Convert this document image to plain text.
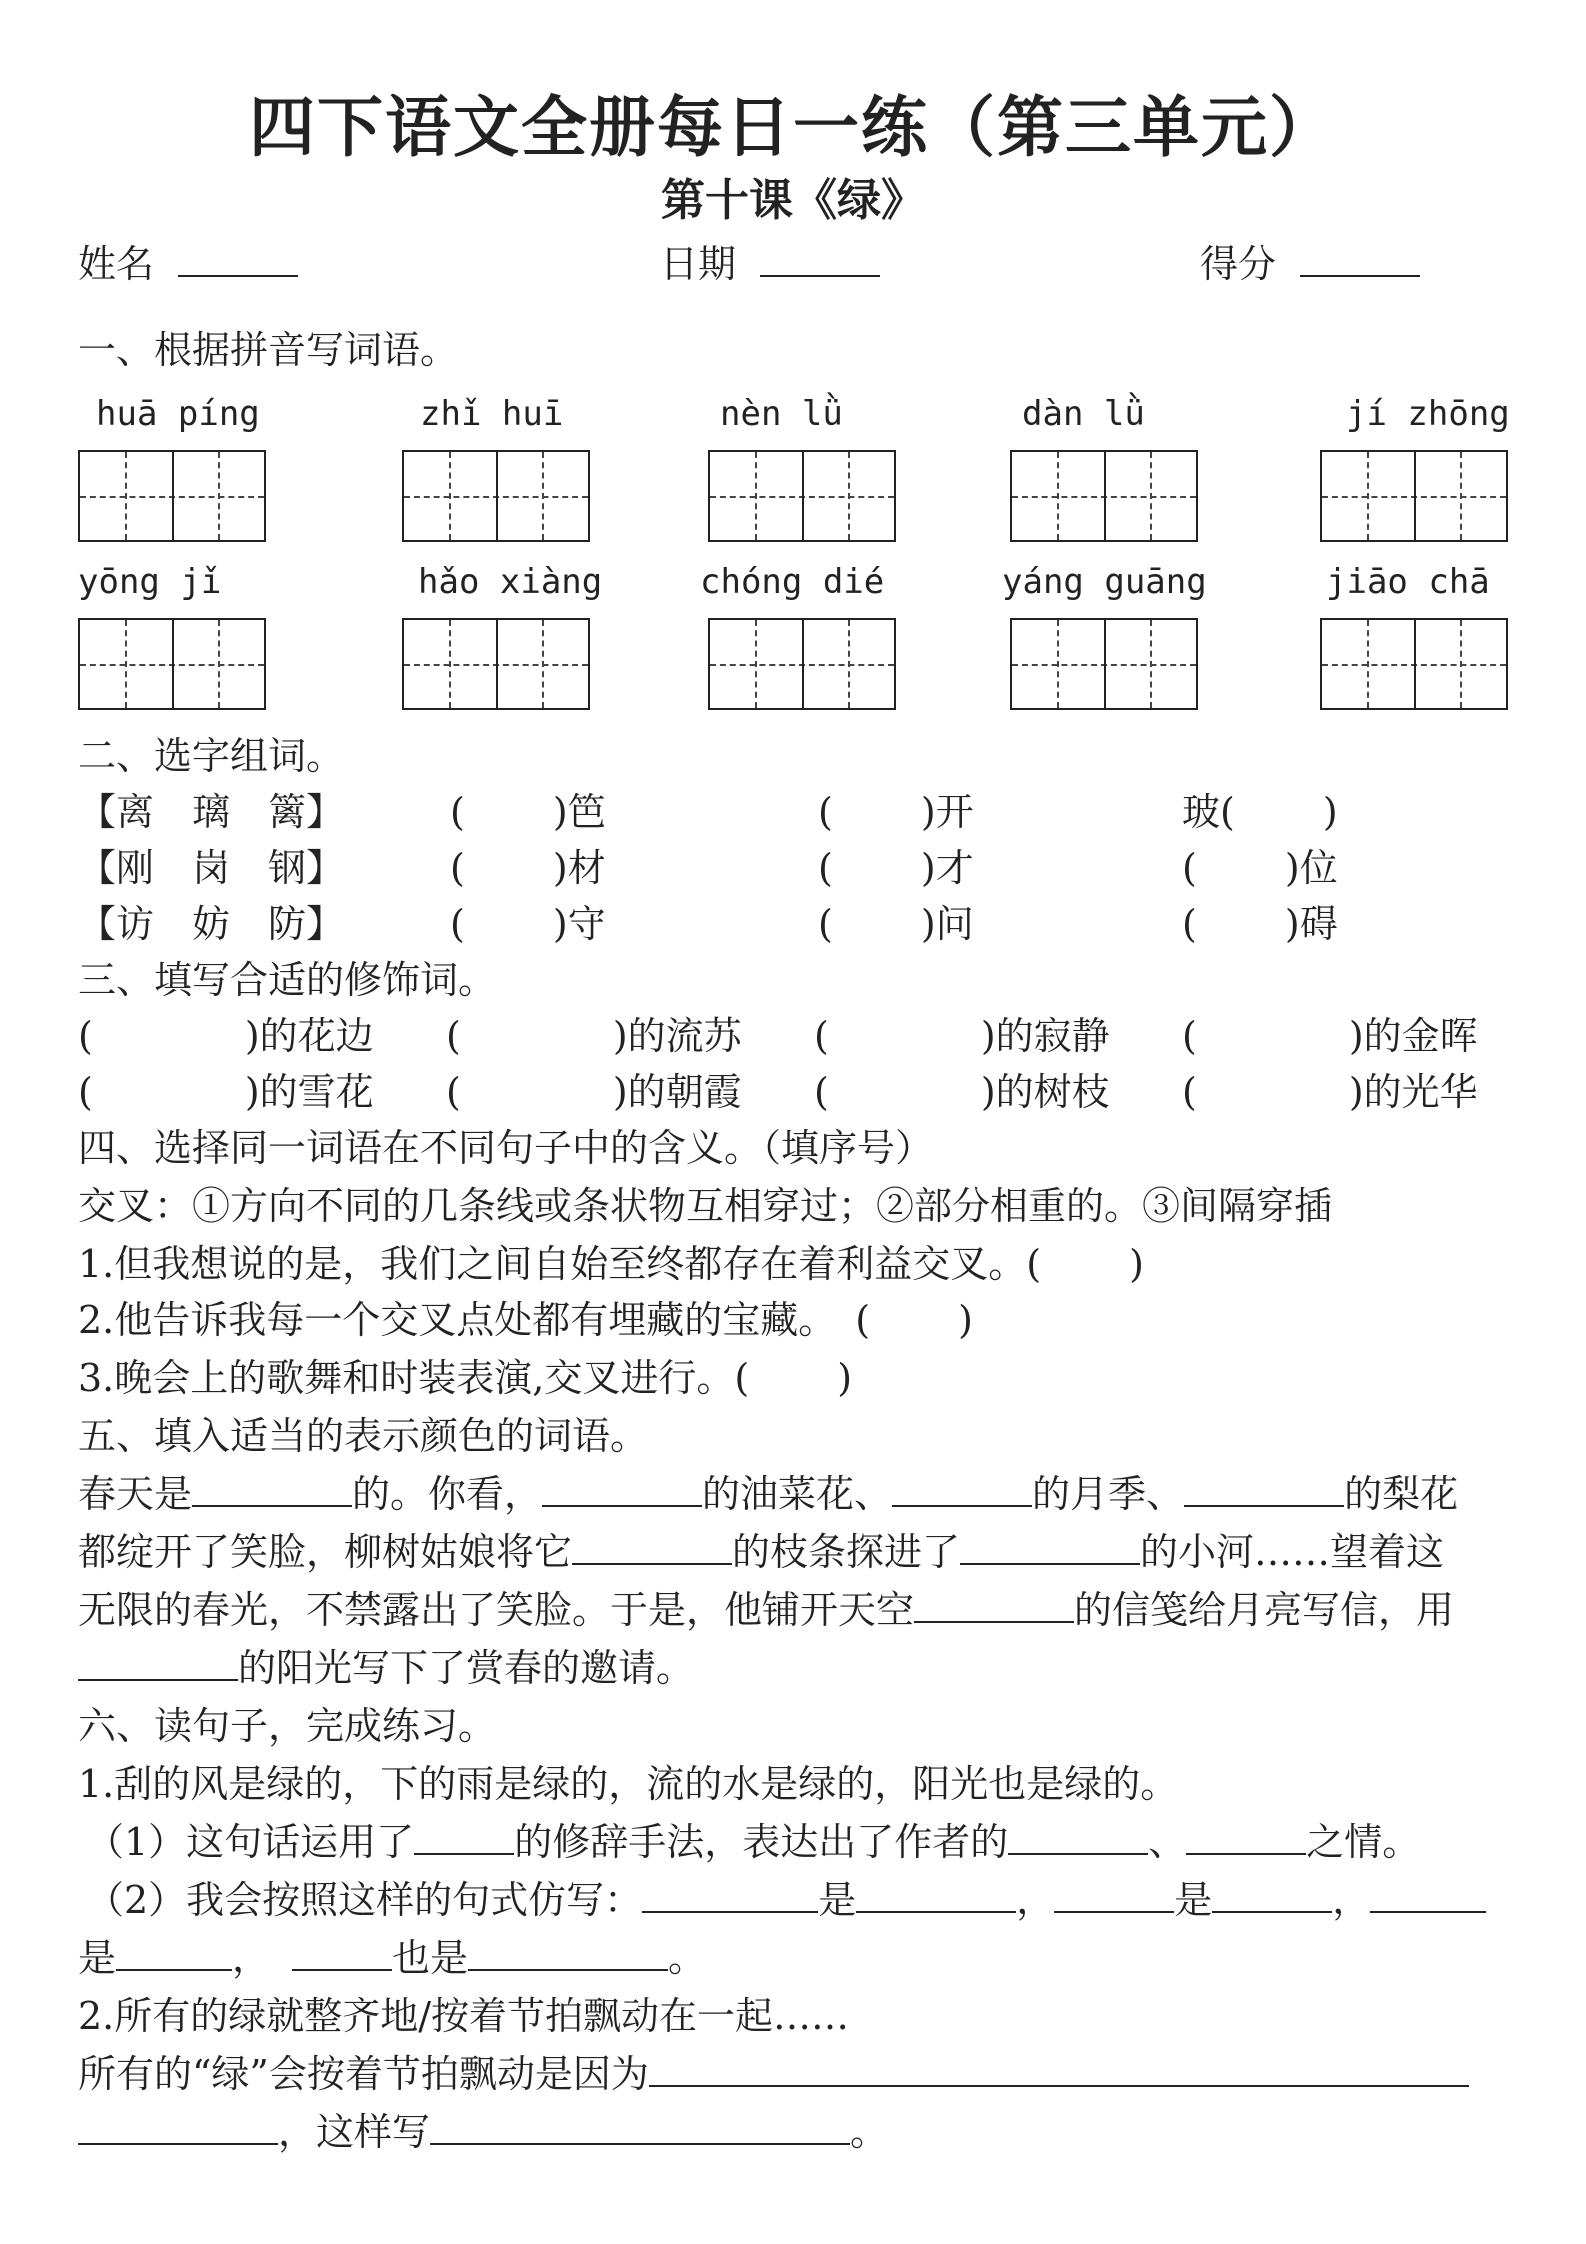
四下语文全册每日一练（第三单元）
第十课《绿》
姓名	日期	得分
一、根据拼音写词语。
huā píng	zhǐ huī	nèn lǜ	dàn lǜ	jí zhōng
yōng jǐ	hǎo xiàng	chóng dié	yáng guāng	jiāo chā
二、选字组词。
【离　璃　篱】	(　　 )笆	(　　 )开	玻(　　 )
【刚　岗　钢】	(　　 )材	(　　 )才	(　　 )位
【访　妨　防】	(　　 )守	(　　 )问	(　　 )碍
三、填写合适的修饰词。
(　　　　)的花边 (　　　　)的流苏 (　　　　)的寂静 (　　　　)的金晖
(　　　　)的雪花 (　　　　)的朝霞 (　　　　)的树枝 (　　　　)的光华
四、选择同一词语在不同句子中的含义。（填序号）
交叉：①方向不同的几条线或条状物互相穿过；②部分相重的。③间隔穿插
1.但我想说的是，我们之间自始至终都存在着利益交叉。(　　 )
2.他告诉我每一个交叉点处都有埋藏的宝藏。　(　　 )
3.晚会上的歌舞和时装表演,交叉进行。(　　 )
五、填入适当的表示颜色的词语。
春天是	的。你看，	的油菜花、	的月季、	的梨花
都绽开了笑脸，柳树姑娘将它	的枝条探进了	的小河……望着这
无限的春光，不禁露出了笑脸。于是，他铺开天空	的信笺给月亮写信，用
的阳光写下了赏春的邀请。
六、读句子，完成练习。
1.刮的风是绿的，下的雨是绿的，流的水是绿的，阳光也是绿的。
（1）这句话运用了	的修辞手法，表达出了作者的	、	之情。
（2）我会按照这样的句式仿写：	是	，	是	，
是	，	也是	。
2.所有的绿就整齐地/按着节拍飘动在一起……
所有的“绿”会按着节拍飘动是因为
，这样写	。
